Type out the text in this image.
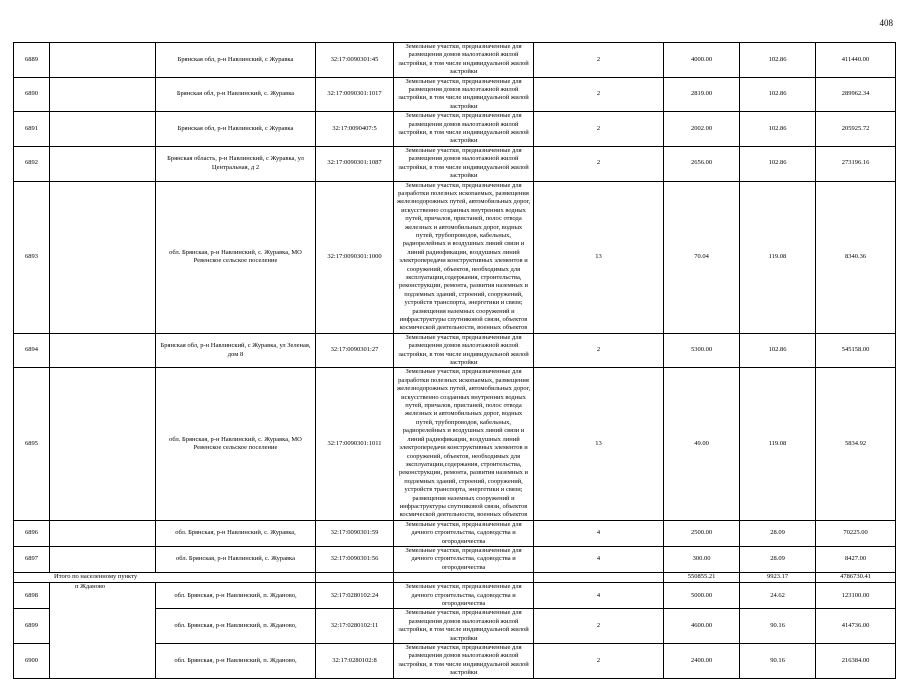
408
6889		Брянская обл, р-н Навлинский, с Журавка	32:17:0090301:45	Земельные участки, предназначенные для размещения домов малоэтажной жилой застройки, в том числе индивидуальной жилой застройки	2	4000.00	102.86	411440.00
6890		Брянская обл, р-н Навлинский, с. Журавка	32:17:0090301:1017	Земельные участки, предназначенные для размещения домов малоэтажной жилой застройки, в том числе индивидуальной жилой застройки	2	2819.00	102.86	289962.34
6891		Брянская обл, р-н Навлинский, с Журавка	32:17:0090407:5	Земельные участки, предназначенные для размещения домов малоэтажной жилой застройки, в том числе индивидуальной жилой застройки	2	2002.00	102.86	205925.72
6892		Брянская область, р-н Навлинский, с Журавка, ул Центральная, д 2	32:17:0090301:1087	Земельные участки, предназначенные для размещения домов малоэтажной жилой застройки, в том числе индивидуальной жилой застройки	2	2656.00	102.86	273196.16
6893		обл. Брянская, р-н Навлинский, с. Журавка, МО Ревенское сельское поселение	32:17:0090301:1000	Земельные участки, предназначенные для разработки полезных ископаемых, размещения железнодорожных путей, автомобильных дорог, искусственно созданных внутренних водных путей, причалов, пристаней, полос отвода железных и автомобильных дорог, водных путей, трубопроводов, кабельных, радиорелейных и воздушных линий связи и линий радиофикации, воздушных линий электропередачи конструктивных элементов и сооружений, объектов, необходимых для эксплуатации,содержания, строительства, реконструкции, ремонта, развития наземных и подземных зданий, строений, сооружений, устройств транспорта, энергетики и связи; размещения наземных сооружений и инфраструктуры спутниковой связи, объектов космической деятельности, военных объектов	13	70.04	119.08	8340.36
6894		Брянская обл, р-н Навлинский, с Журавка, ул Зеленая, дом 8	32:17:0090301:27	Земельные участки, предназначенные для размещения домов малоэтажной жилой застройки, в том числе индивидуальной жилой застройки	2	5300.00	102.86	545158.00
6895		обл. Брянская, р-н Навлинский, с. Журавка, МО Ревенское сельское поселение	32:17:0090301:1011	Земельные участки, предназначенные для разработки полезных ископаемых, размещения железнодорожных путей, автомобильных дорог, искусственно созданных внутренних водных путей, причалов, пристаней, полос отвода железных и автомобильных дорог, водных путей, трубопроводов, кабельных, радиорелейных и воздушных линий связи и линий радиофикации, воздушных линий электропередачи конструктивных элементов и сооружений, объектов, необходимых для эксплуатации,содержания, строительства, реконструкции, ремонта, развития наземных и подземных зданий, строений, сооружений, устройств транспорта, энергетики и связи; размещения наземных сооружений и инфраструктуры спутниковой связи, объектов космической деятельности, военных объектов	13	49.00	119.08	5834.92
6896		обл. Брянская, р-н Навлинский, с. Журавка,	32:17:0090301:59	Земельные участки, предназначенные для дачного строительства, садоводства и огородничества	4	2500.00	28.09	70225.00
6897		обл. Брянская, р-н Навлинский, с. Журавка	32:17:0090301:56	Земельные участки, предназначенные для дачного строительства, садоводства и огородничества	4	300.00	28.09	8427.00
Итого по населенному пункту						550855.21	9923.17	4786730.41
6898	п Ждановo	обл. Брянская, р-н Навлинский, п. Ждановo,	32:17:0280102:24	Земельные участки, предназначенные для дачного строительства, садоводства и огородничества	4	5000.00	24.62	123100.00
6899		обл. Брянская, р-н Навлинский, п. Ждановo,	32:17:0280102:11	Земельные участки, предназначенные для размещения домов малоэтажной жилой застройки, в том числе индивидуальной жилой застройки	2	4600.00	90.16	414736.00
6900		обл. Брянская, р-н Навлинский, п. Ждановo,	32:17:0280102:8	Земельные участки, предназначенные для размещения домов малоэтажной жилой застройки, в том числе индивидуальной жилой застройки	2	2400.00	90.16	216384.00
